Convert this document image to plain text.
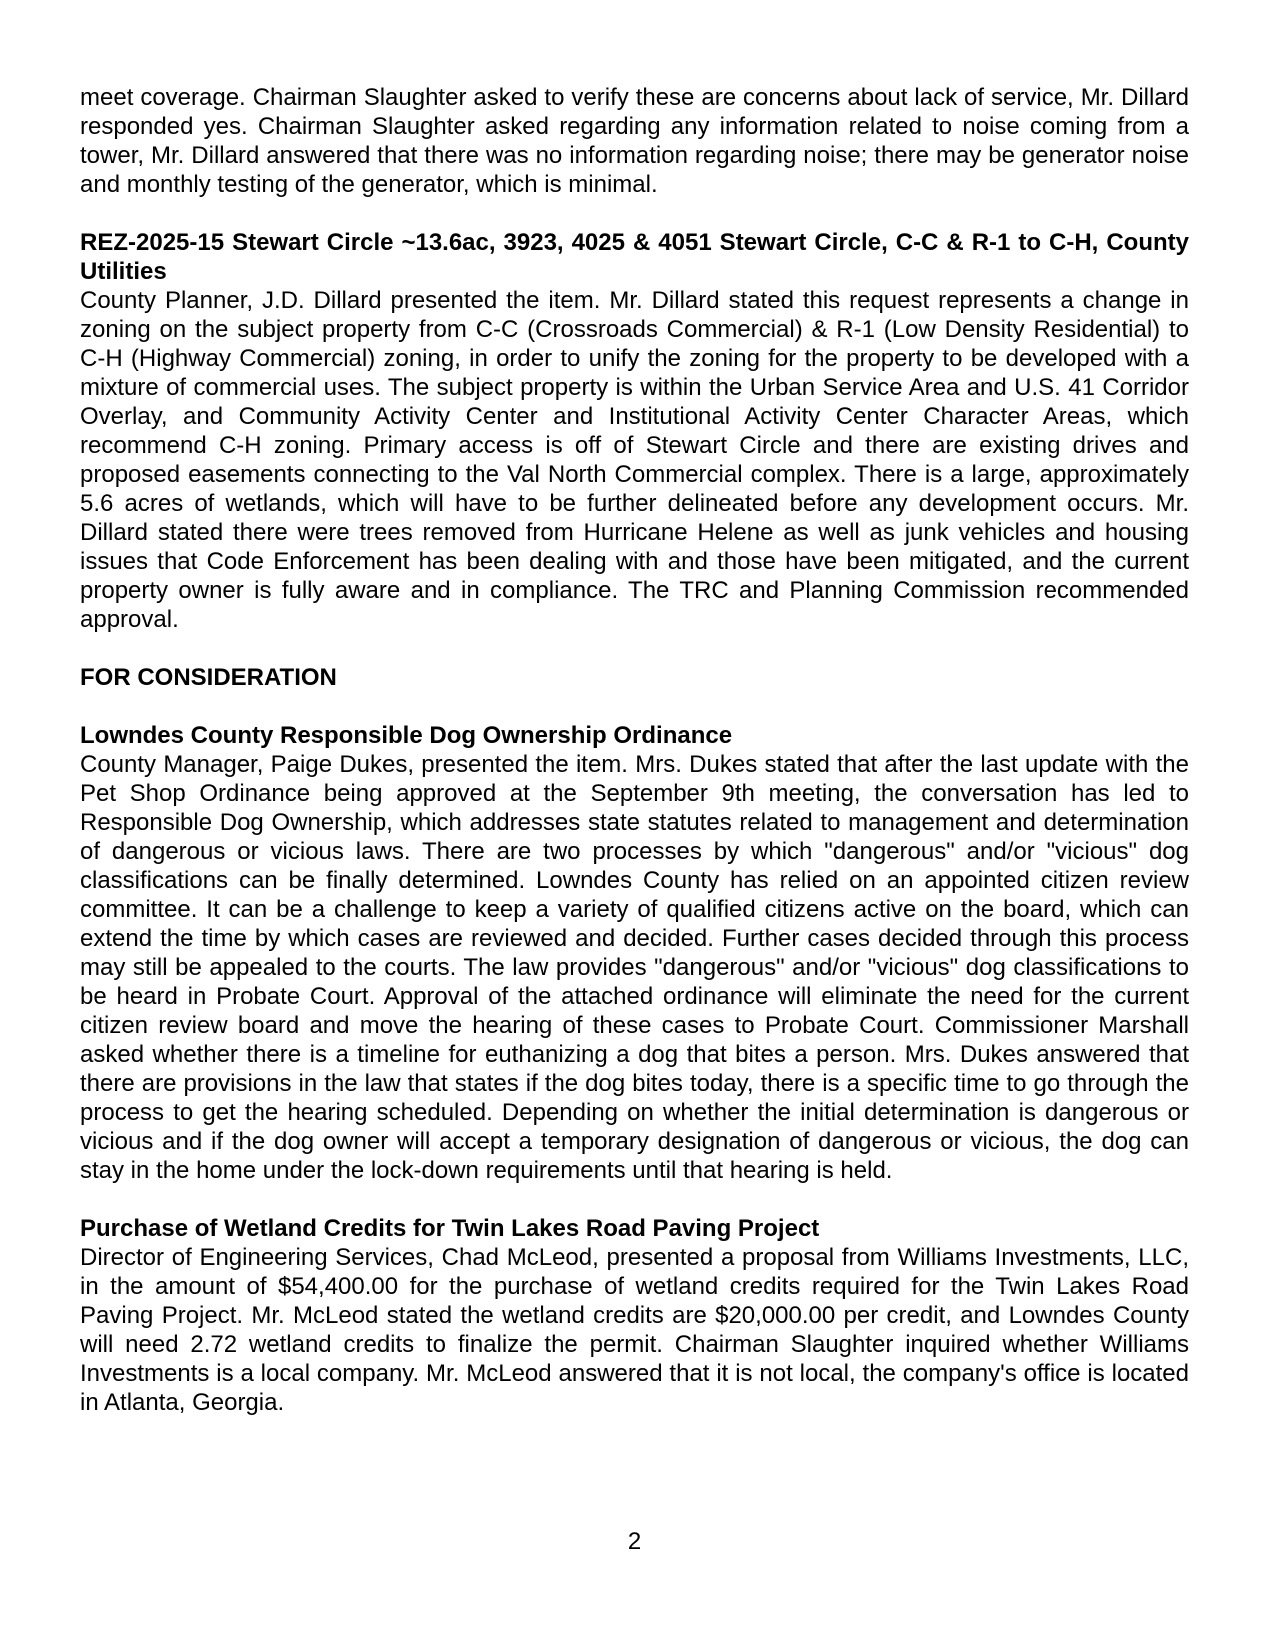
meet coverage. Chairman Slaughter asked to verify these are concerns about lack of service, Mr. Dillard responded yes. Chairman Slaughter asked regarding any information related to noise coming from a tower, Mr. Dillard answered that there was no information regarding noise; there may be generator noise and monthly testing of the generator, which is minimal.

REZ-2025-15 Stewart Circle ~13.6ac, 3923, 4025 & 4051 Stewart Circle, C-C & R-1 to C-H, County Utilities

County Planner, J.D. Dillard presented the item. Mr. Dillard stated this request represents a change in zoning on the subject property from C-C (Crossroads Commercial) & R-1 (Low Density Residential) to C-H (Highway Commercial) zoning, in order to unify the zoning for the property to be developed with a mixture of commercial uses. The subject property is within the Urban Service Area and U.S. 41 Corridor Overlay, and Community Activity Center and Institutional Activity Center Character Areas, which recommend C-H zoning. Primary access is off of Stewart Circle and there are existing drives and proposed easements connecting to the Val North Commercial complex. There is a large, approximately 5.6 acres of wetlands, which will have to be further delineated before any development occurs. Mr. Dillard stated there were trees removed from Hurricane Helene as well as junk vehicles and housing issues that Code Enforcement has been dealing with and those have been mitigated, and the current property owner is fully aware and in compliance. The TRC and Planning Commission recommended approval.

FOR CONSIDERATION
Lowndes County Responsible Dog Ownership Ordinance

County Manager, Paige Dukes, presented the item. Mrs. Dukes stated that after the last update with the Pet Shop Ordinance being approved at the September 9th meeting, the conversation has led to Responsible Dog Ownership, which addresses state statutes related to management and determination of dangerous or vicious laws. There are two processes by which "dangerous" and/or "vicious" dog classifications can be finally determined. Lowndes County has relied on an appointed citizen review committee. It can be a challenge to keep a variety of qualified citizens active on the board, which can extend the time by which cases are reviewed and decided. Further cases decided through this process may still be appealed to the courts. The law provides "dangerous" and/or "vicious" dog classifications to be heard in Probate Court. Approval of the attached ordinance will eliminate the need for the current citizen review board and move the hearing of these cases to Probate Court. Commissioner Marshall asked whether there is a timeline for euthanizing a dog that bites a person. Mrs. Dukes answered that there are provisions in the law that states if the dog bites today, there is a specific time to go through the process to get the hearing scheduled. Depending on whether the initial determination is dangerous or vicious and if the dog owner will accept a temporary designation of dangerous or vicious, the dog can stay in the home under the lock-down requirements until that hearing is held.

Purchase of Wetland Credits for Twin Lakes Road Paving Project

Director of Engineering Services, Chad McLeod, presented a proposal from Williams Investments, LLC, in the amount of $54,400.00 for the purchase of wetland credits required for the Twin Lakes Road Paving Project. Mr. McLeod stated the wetland credits are $20,000.00 per credit, and Lowndes County will need 2.72 wetland credits to finalize the permit. Chairman Slaughter inquired whether Williams Investments is a local company. Mr. McLeod answered that it is not local, the company's office is located in Atlanta, Georgia.

2
